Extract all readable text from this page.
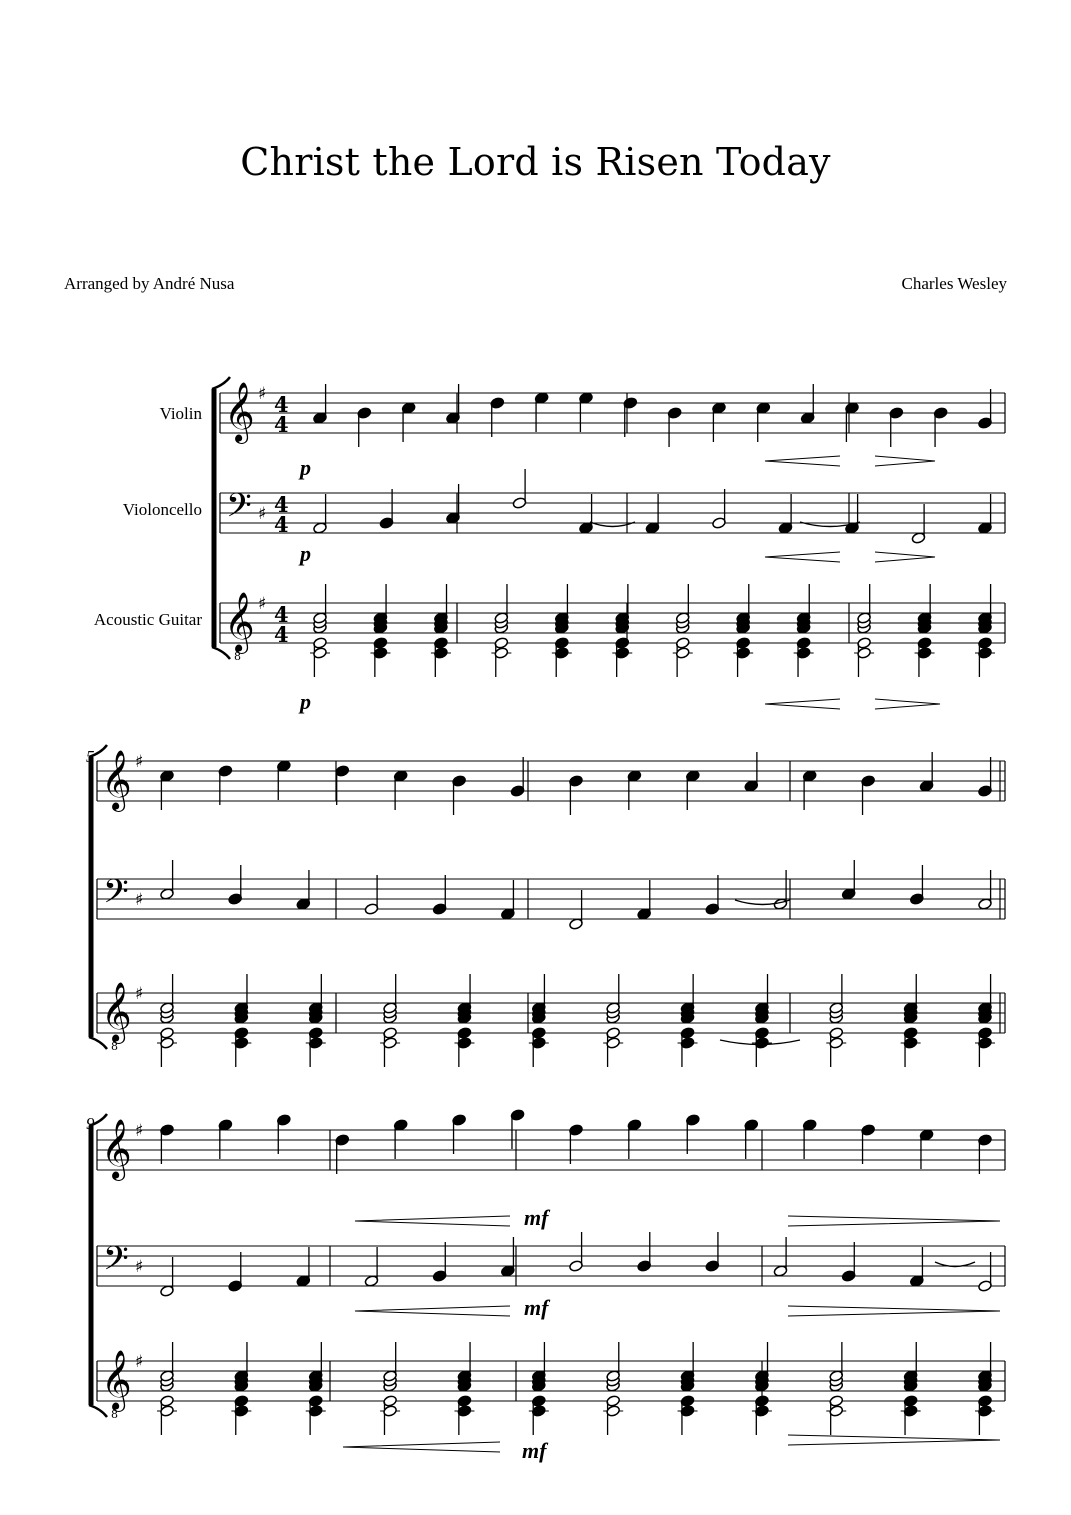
Christ the Lord is Risen Today
Arranged by André Nusa	Charles Wesley
Violin
Violoncello
Acoustic Guitar
5
9
p
p
p
mf
mf
mf
𝄞
𝄢
𝄞
8
♯
♯
♯
4
4
4
4
4
4
𝄞
𝄢
𝄞
8
♯
♯
♯
𝄞
𝄢
𝄞
8
♯
♯
♯
